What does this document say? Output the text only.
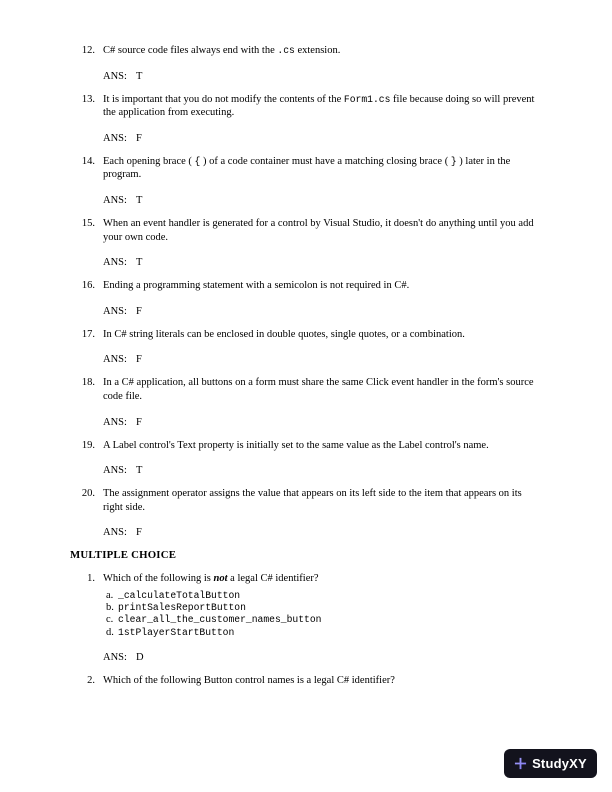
12. C# source code files always end with the .cs extension.
ANS: T
13. It is important that you do not modify the contents of the Form1.cs file because doing so will prevent the application from executing.
ANS: F
14. Each opening brace ( { ) of a code container must have a matching closing brace ( } ) later in the program.
ANS: T
15. When an event handler is generated for a control by Visual Studio, it doesn't do anything until you add your own code.
ANS: T
16. Ending a programming statement with a semicolon is not required in C#.
ANS: F
17. In C# string literals can be enclosed in double quotes, single quotes, or a combination.
ANS: F
18. In a C# application, all buttons on a form must share the same Click event handler in the form's source code file.
ANS: F
19. A Label control's Text property is initially set to the same value as the Label control's name.
ANS: T
20. The assignment operator assigns the value that appears on its left side to the item that appears on its right side.
ANS: F
MULTIPLE CHOICE
1. Which of the following is not a legal C# identifier?
a. _calculateTotalButton
b. printSalesReportButton
c. clear_all_the_customer_names_button
d. 1stPlayerStartButton
ANS: D
2. Which of the following Button control names is a legal C# identifier?
StudyXY
